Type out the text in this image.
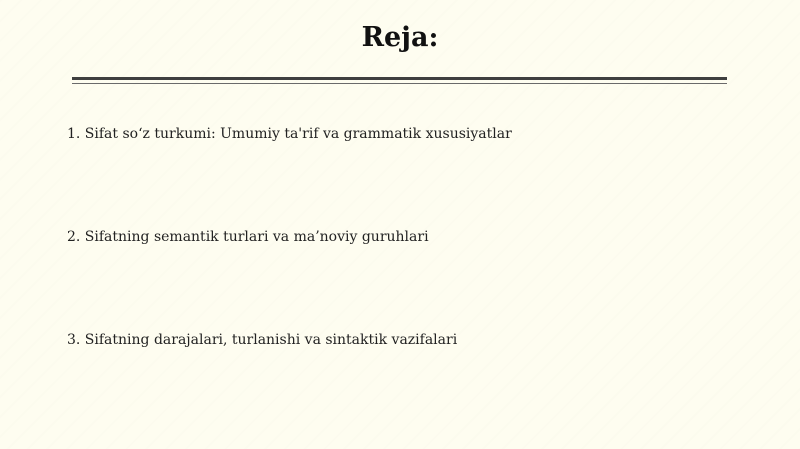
Reja:
1. Sifat so‘z turkumi: Umumiy ta'rif va grammatik xususiyatlar
2. Sifatning semantik turlari va ma’noviy guruhlari
3. Sifatning darajalari, turlanishi va sintaktik vazifalari
